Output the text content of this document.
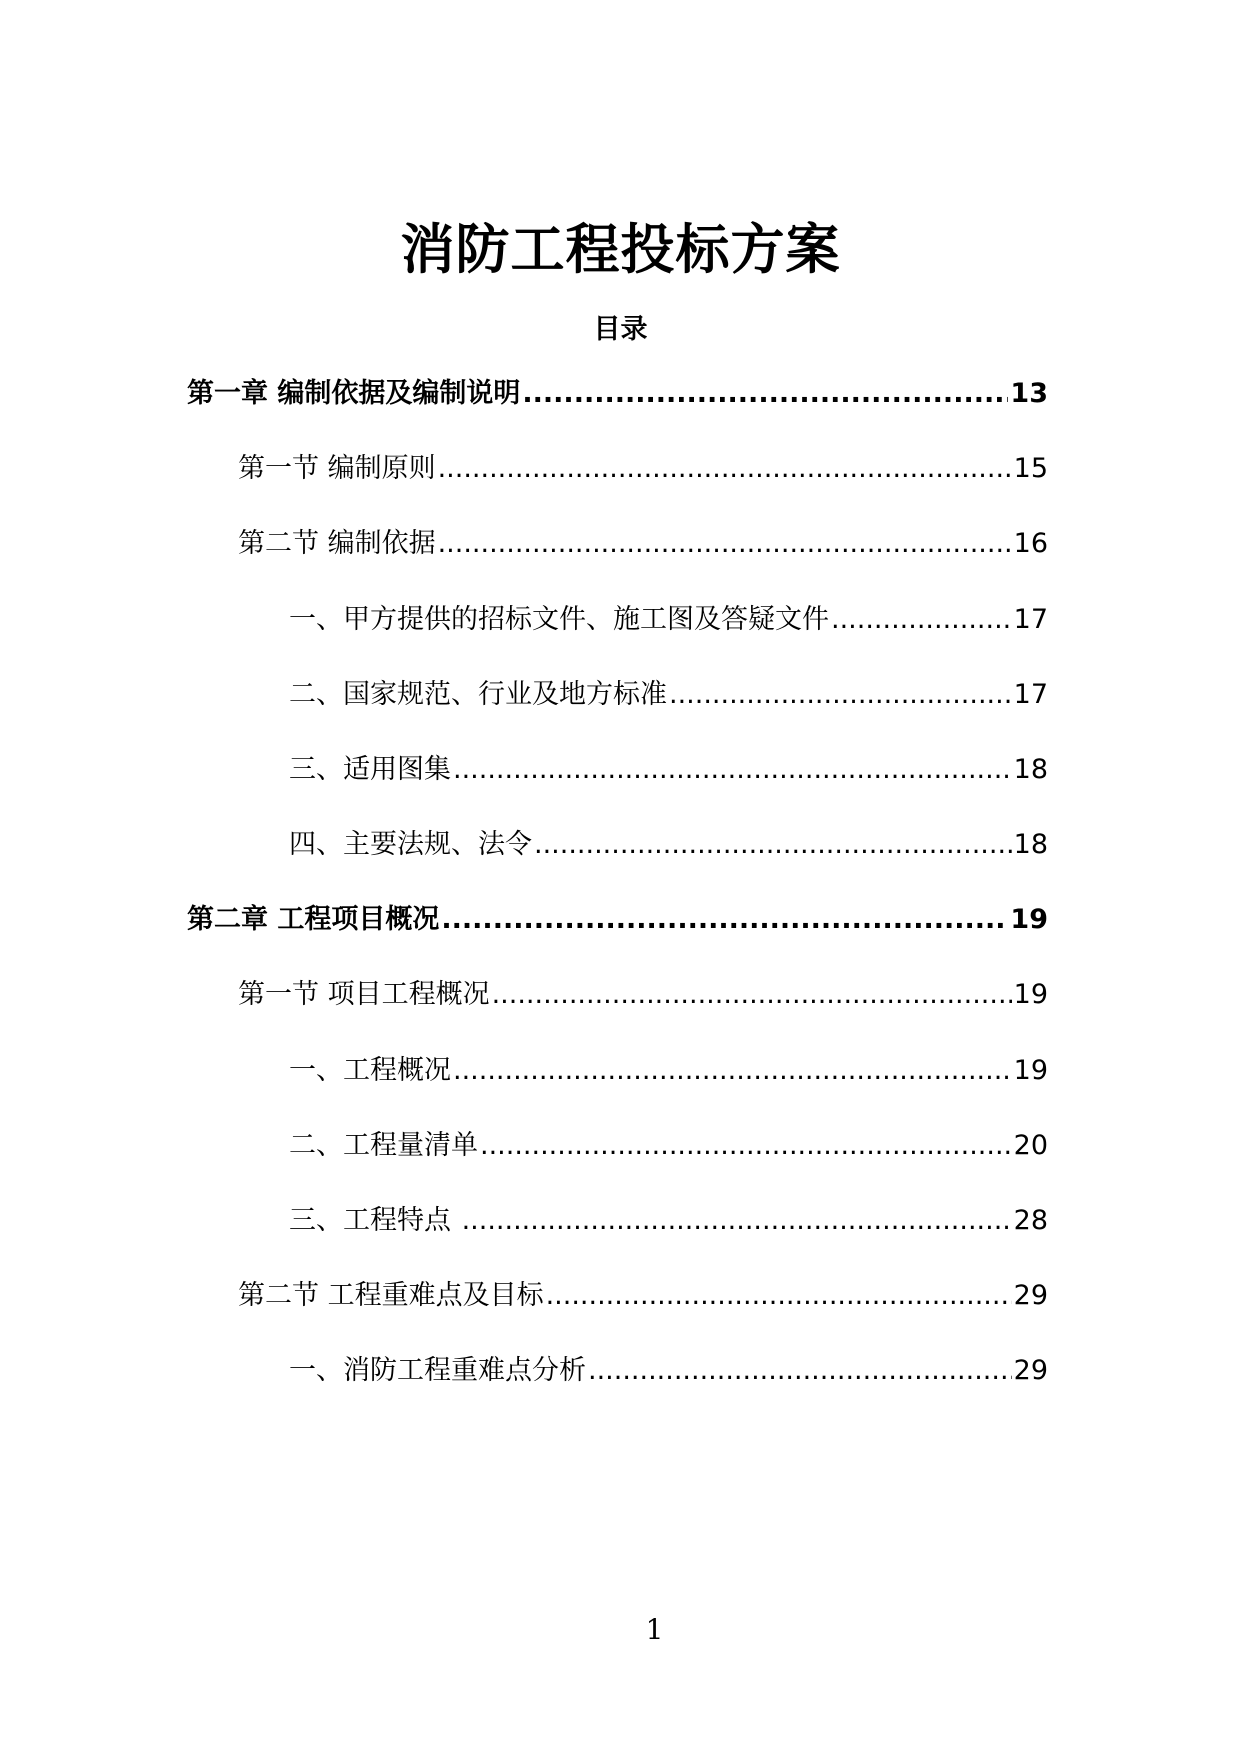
消防工程投标方案
目录
第一章 编制依据及编制说明 .....	13
第一节 编制原则 .....	15
第二节 编制依据 .....	16
一、甲方提供的招标文件、施工图及答疑文件 .....	17
二、国家规范、行业及地方标准 .....	17
三、适用图集 .....	18
四、主要法规、法令 .....	18
第二章 工程项目概况 .....	19
第一节 项目工程概况 .....	19
一、工程概况 .....	19
二、工程量清单 .....	20
三、工程特点 .....	28
第二节 工程重难点及目标 .....	29
一、消防工程重难点分析 .....	29
1
